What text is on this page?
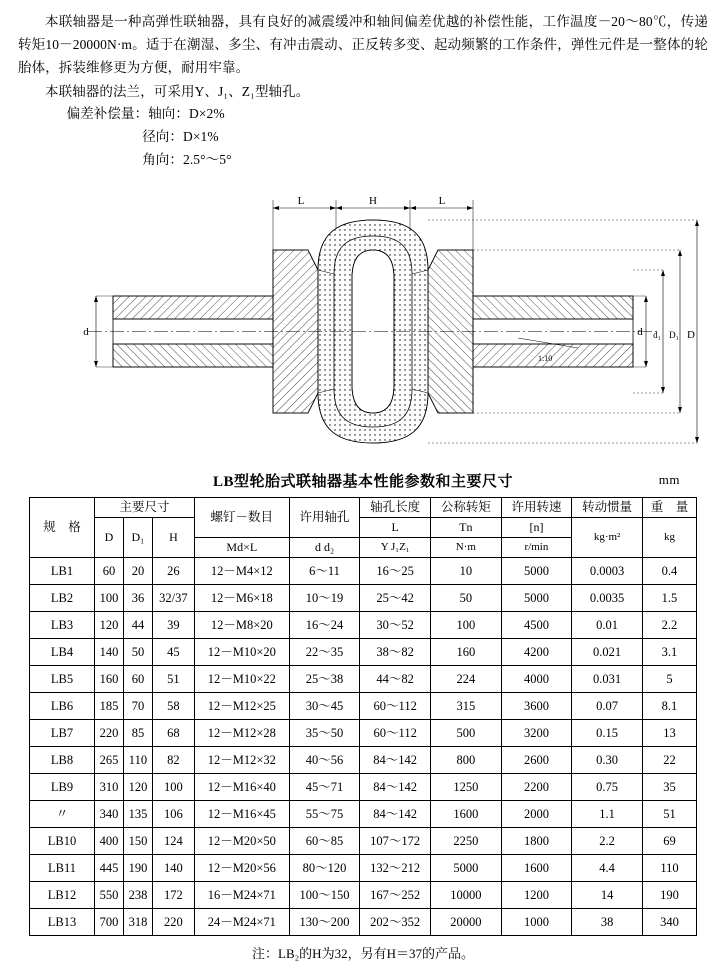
本联轴器是一种高弹性联轴器，具有良好的减震缓冲和轴间偏差优越的补偿性能，工作温度－20～80℃，传递转矩10－20000N·m。适于在潮湿、多尘、有冲击震动、正反转多变、起动频繁的工作条件，弹性元件是一整体的轮胎体，拆装维修更为方便，耐用牢靠。

本联轴器的法兰，可采用Y、J₁、Z₁型轴孔。

偏差补偿量：轴向：D×2%
径向：D×1%
角向：2.5°～5°
1:10
L	H	L
d	d d₁ D₁ D
LB型轮胎式联轴器基本性能参数和主要尺寸	mm
规　格	主要尺寸			螺钉－数目	许用轴孔	轴孔长度	公称转矩	许用转速	转动惯量	重　量
	D	D₁	H			L	Tn	[n]	kg·m²	kg
				Md×L	d d₂	Y J₁Z₁	N·m	r/min		
LB1	60	20	26	12－M4×12	6～11	16～25	10	5000	0.0003	0.4
LB2	100	36	32/37	12－M6×18	10～19	25～42	50	5000	0.0035	1.5
LB3	120	44	39	12－M8×20	16～24	30～52	100	4500	0.01	2.2
LB4	140	50	45	12－M10×20	22～35	38～82	160	4200	0.021	3.1
LB5	160	60	51	12－M10×22	25～38	44～82	224	4000	0.031	5
LB6	185	70	58	12－M12×25	30～45	60～112	315	3600	0.07	8.1
LB7	220	85	68	12－M12×28	35～50	60～112	500	3200	0.15	13
LB8	265	110	82	12－M12×32	40～56	84～142	800	2600	0.30	22
LB9	310	120	100	12－M16×40	45～71	84～142	1250	2200	0.75	35
〃	340	135	106	12－M16×45	55～75	84～142	1600	2000	1.1	51
LB10	400	150	124	12－M20×50	60～85	107～172	2250	1800	2.2	69
LB11	445	190	140	12－M20×56	80～120	132～212	5000	1600	4.4	110
LB12	550	238	172	16－M24×71	100～150	167～252	10000	1200	14	190
LB13	700	318	220	24－M24×71	130～200	202～352	20000	1000	38	340
注：LB₂的H为32，另有H＝37的产品。
